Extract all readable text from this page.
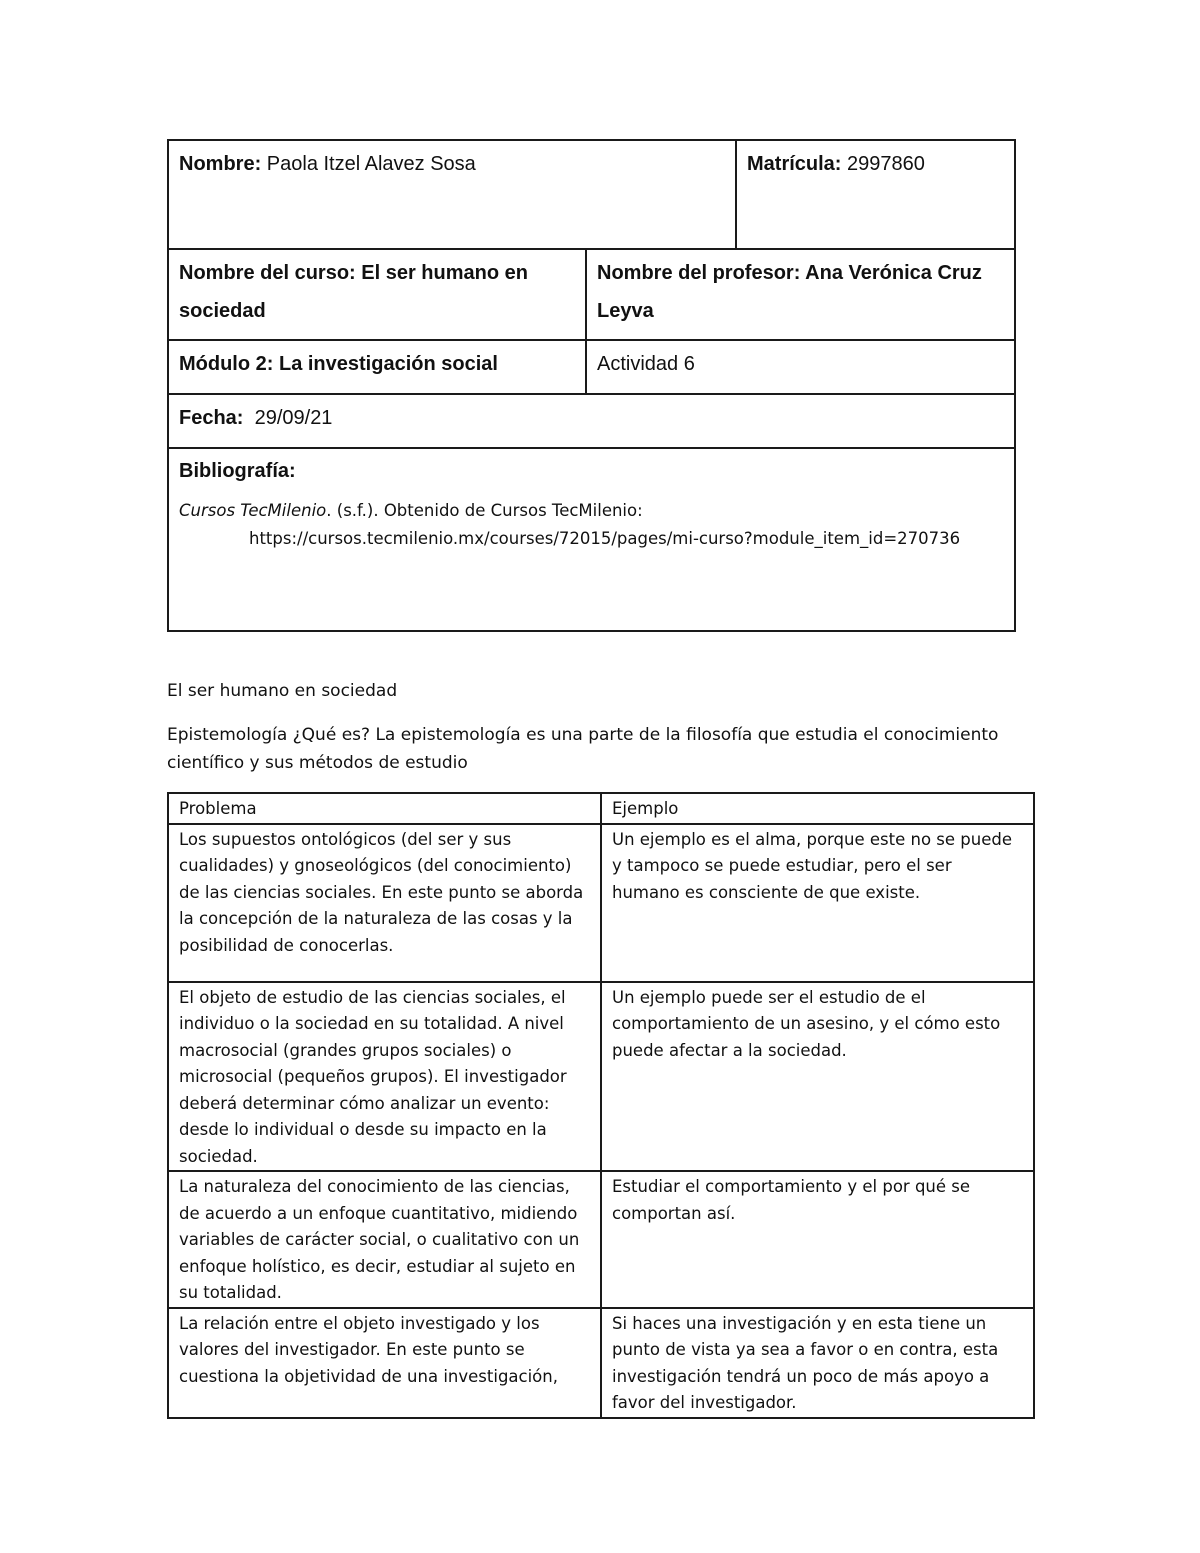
Nombre: Paola Itzel Alavez Sosa	Matrícula: 2997860
Nombre del curso: El ser humano en sociedad
Nombre del profesor: Ana Verónica Cruz Leyva
Módulo 2: La investigación social	Actividad 6
Fecha:  29/09/21
Bibliografía:

Cursos TecMilenio. (s.f.). Obtenido de Cursos TecMilenio: https://cursos.tecmilenio.mx/courses/72015/pages/mi-curso?module_item_id=270736

El ser humano en sociedad

Epistemología ¿Qué es? La epistemología es una parte de la filosofía que estudia el conocimiento científico y sus métodos de estudio

Problema	Ejemplo
Los supuestos ontológicos (del ser y sus cualidades) y gnoseológicos (del conocimiento) de las ciencias sociales. En este punto se aborda la concepción de la naturaleza de las cosas y la posibilidad de conocerlas.	Un ejemplo es el alma, porque este no se puede y tampoco se puede estudiar, pero el ser humano es consciente de que existe.
El objeto de estudio de las ciencias sociales, el individuo o la sociedad en su totalidad. A nivel macrosocial (grandes grupos sociales) o microsocial (pequeños grupos). El investigador deberá determinar cómo analizar un evento: desde lo individual o desde su impacto en la sociedad.	Un ejemplo puede ser el estudio de el comportamiento de un asesino, y el cómo esto puede afectar a la sociedad.
La naturaleza del conocimiento de las ciencias, de acuerdo a un enfoque cuantitativo, midiendo variables de carácter social, o cualitativo con un enfoque holístico, es decir, estudiar al sujeto en su totalidad.	Estudiar el comportamiento y el por qué se comportan así.
La relación entre el objeto investigado y los valores del investigador. En este punto se cuestiona la objetividad de una investigación,	Si haces una investigación y en esta tiene un punto de vista ya sea a favor o en contra, esta investigación tendrá un poco de más apoyo a favor del investigador.
